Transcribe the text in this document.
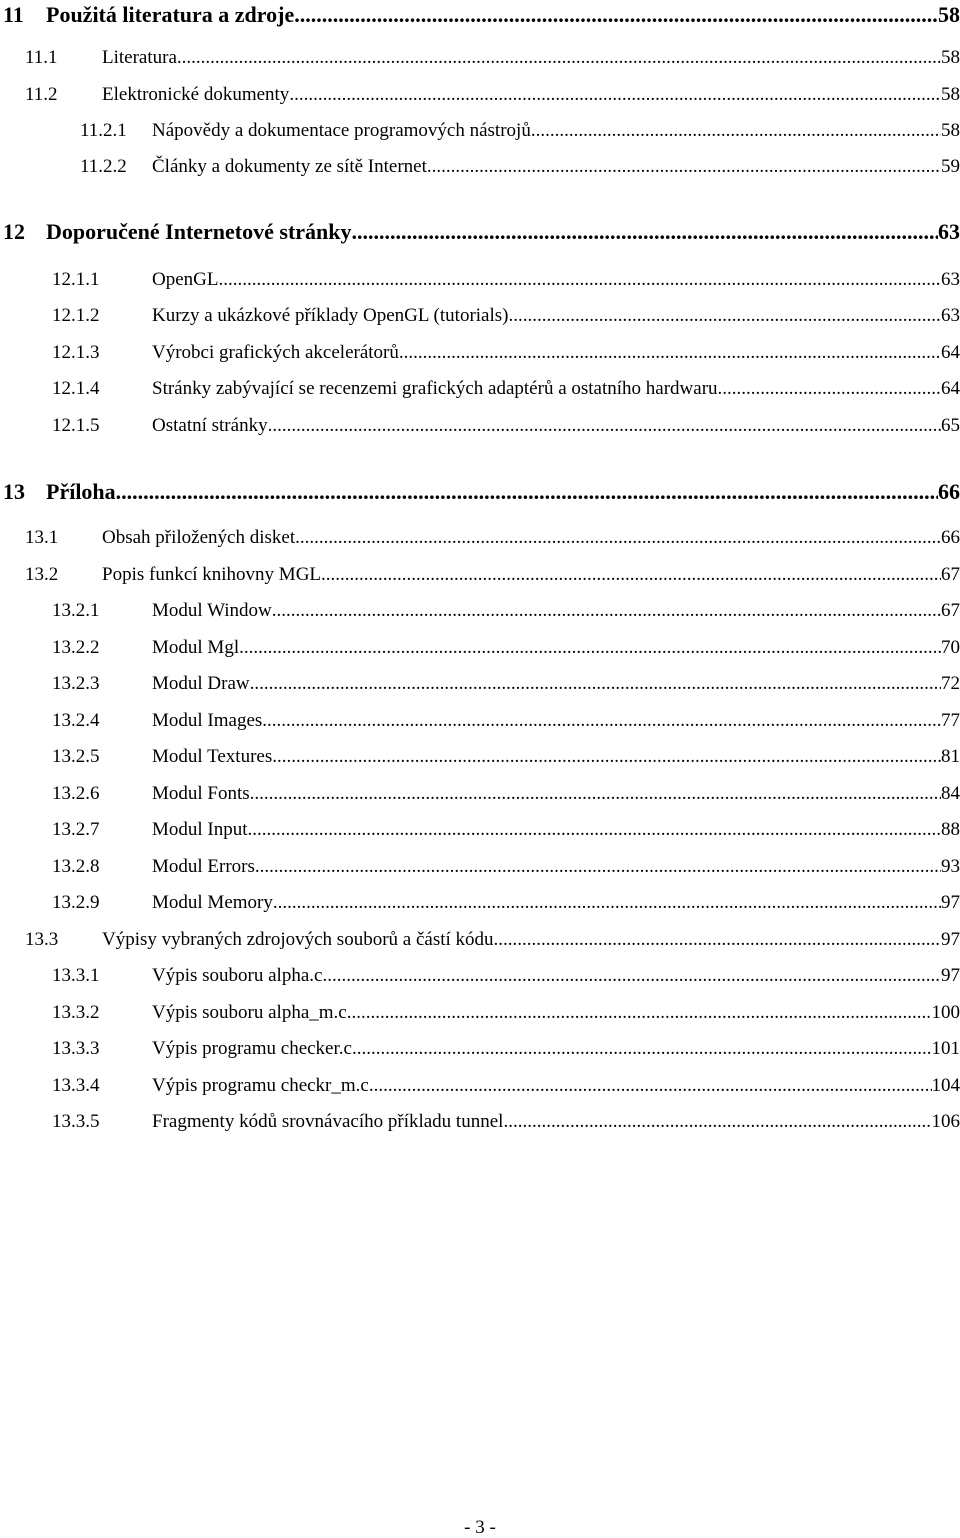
11 Použitá literatura a zdroje .....	58
11.1 Literatura .....	58
11.2 Elektronické dokumenty .....	58
11.2.1 Nápovědy a dokumentace programových nástrojů .....	58
11.2.2 Články a dokumenty ze sítě Internet .....	59
12 Doporučené Internetové stránky .....	63
12.1.1	OpenGL .....	63
12.1.2	Kurzy a ukázkové příklady OpenGL (tutorials) .....	63
12.1.3	Výrobci grafických akcelerátorů .....	64
12.1.4	Stránky zabývající se recenzemi grafických adaptérů a ostatního hardwaru .....	64
12.1.5	Ostatní stránky .....	65
13 Příloha .....	66
13.1 Obsah přiložených disket .....	66
13.2 Popis funkcí knihovny MGL .....	67
13.2.1	Modul Window .....	67
13.2.2	Modul Mgl .....	70
13.2.3	Modul Draw .....	72
13.2.4	Modul Images .....	77
13.2.5	Modul Textures .....	81
13.2.6	Modul Fonts .....	84
13.2.7	Modul Input .....	88
13.2.8	Modul Errors .....	93
13.2.9	Modul Memory .....	97
13.3 Výpisy vybraných zdrojových souborů a částí kódu .....	97
13.3.1	Výpis souboru alpha.c .....	97
13.3.2	Výpis souboru alpha_m.c .....	100
13.3.3	Výpis programu checker.c .....	101
13.3.4	Výpis programu checkr_m.c .....	104
13.3.5	Fragmenty kódů srovnávacího příkladu tunnel .....	106
- 3 -
